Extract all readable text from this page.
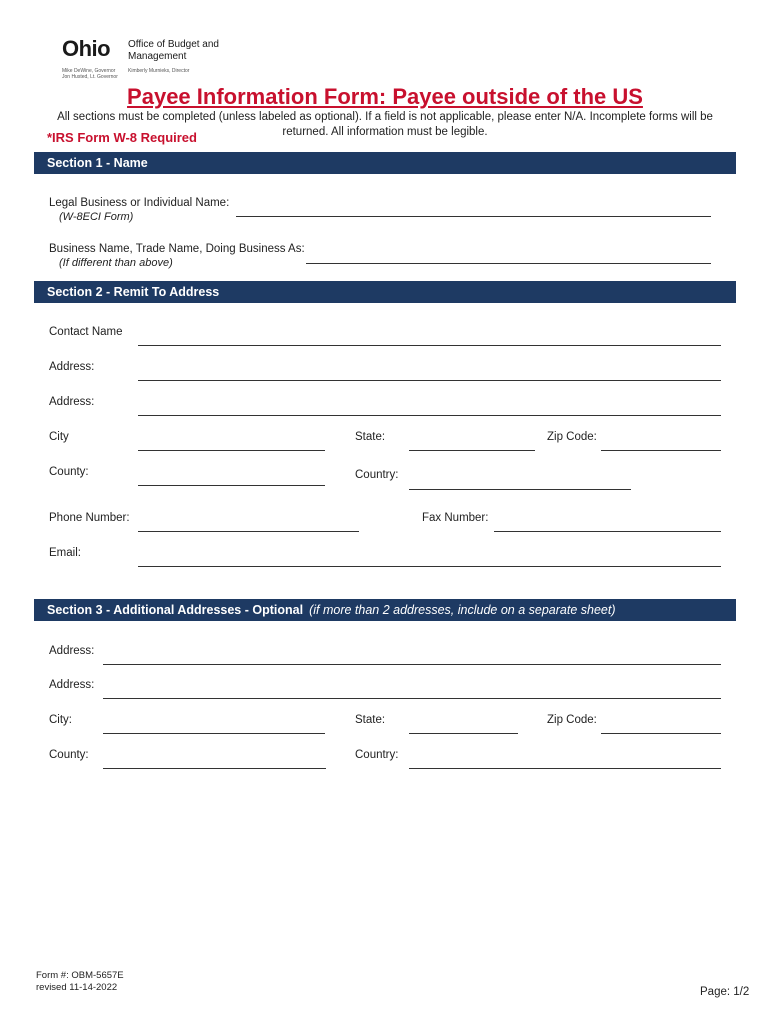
Ohio Office of Budget and Management
Mike DeWine, Governor Jon Husted, Lt. Governor
Kimberly Murnieks, Director
Payee Information Form: Payee outside of the US
All sections must be completed (unless labeled as optional). If a field is not applicable, please enter N/A. Incomplete forms will be returned. All information must be legible.
*IRS Form W-8 Required
Section 1 - Name
Legal Business or Individual Name:
(W-8ECI Form)
Business Name, Trade Name, Doing Business As:
(If different than above)
Section 2 - Remit To Address
Contact Name
Address:
Address:
City	State:	Zip Code:
County:	Country:
Phone Number:	Fax Number:
Email:
Section 3 - Additional Addresses - Optional (if more than 2 addresses, include on a separate sheet)
Address:
Address:
City:	State:	Zip Code:
County:	Country:
Form #: OBM-5657E
revised 11-14-2022	Page: 1/2
